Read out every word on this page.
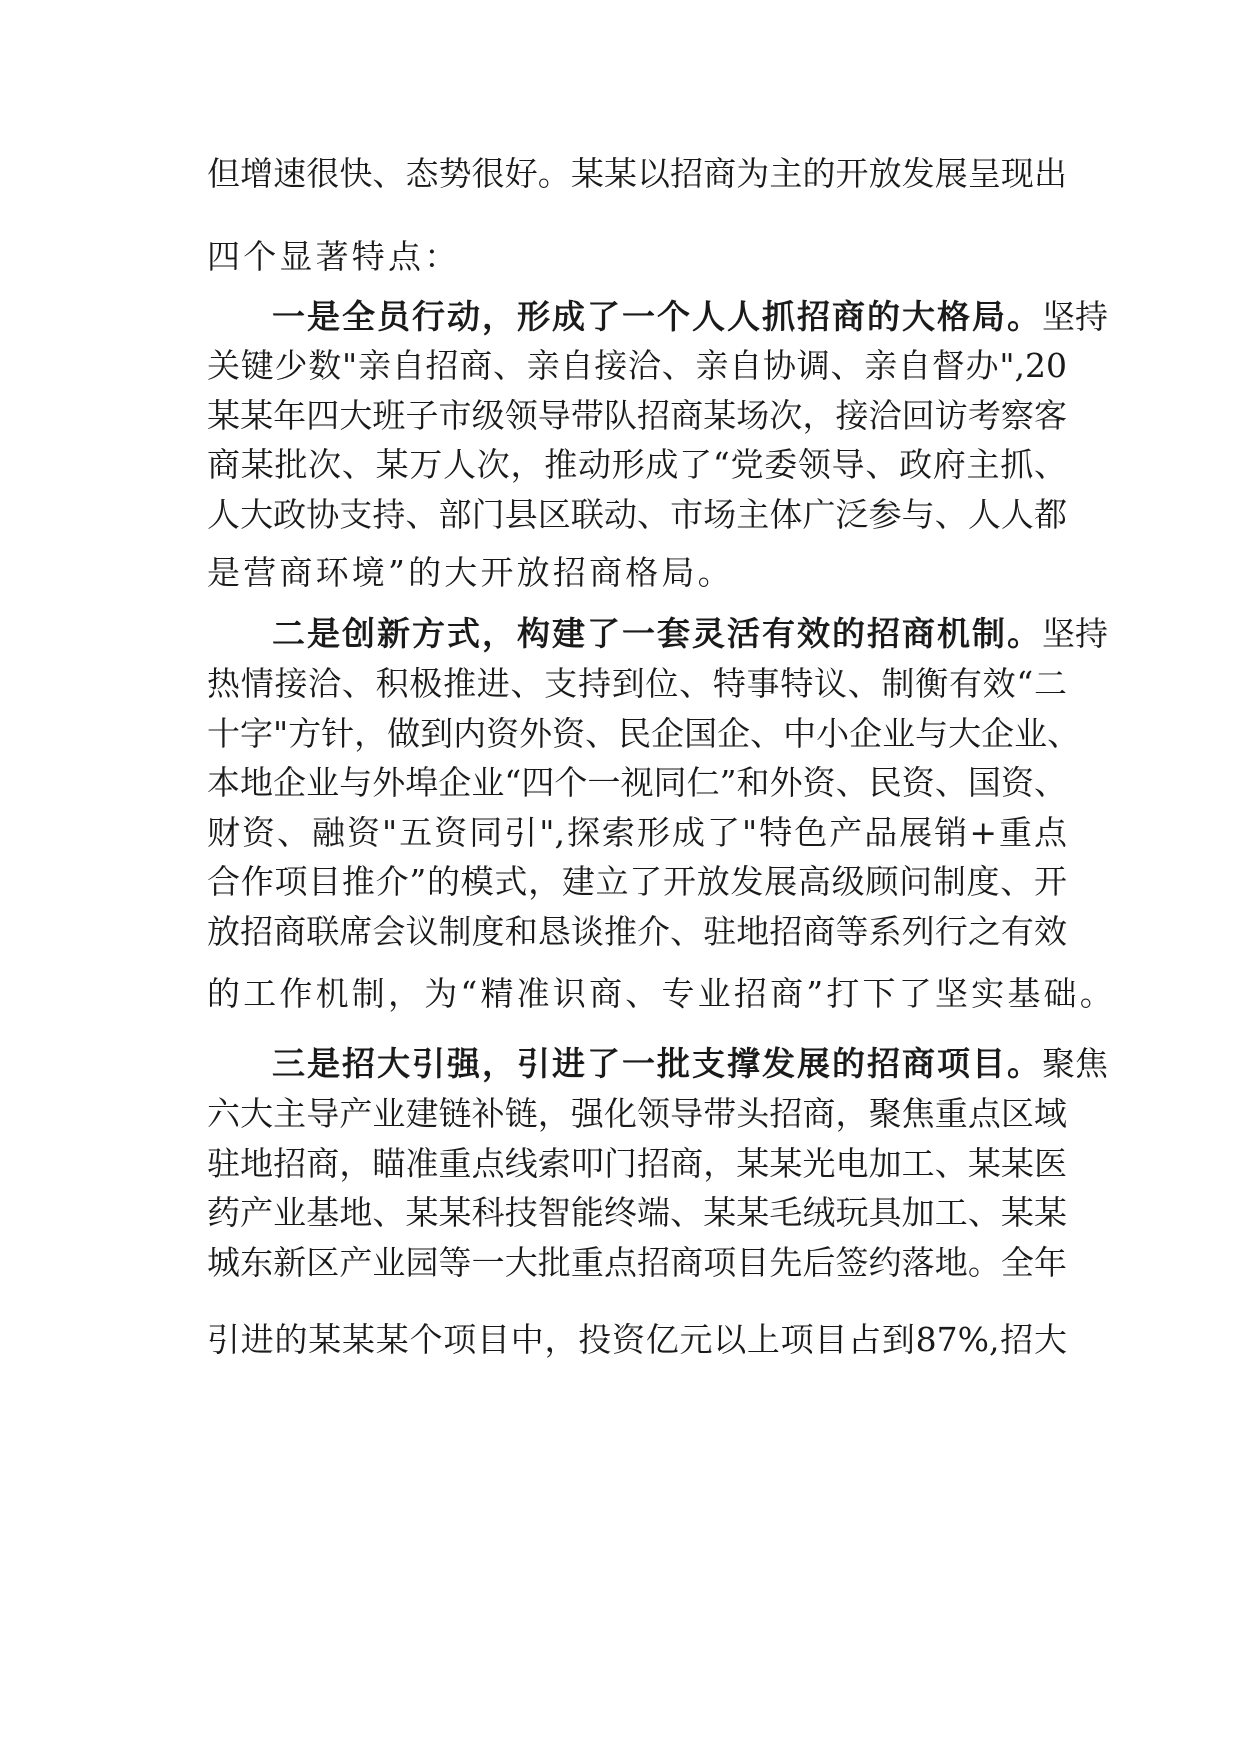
但增速很快、态势很好。某某以招商为主的开放发展呈现出
四个显著特点：
一是全员行动，形成了一个人人抓招商的大格局。坚持
关键少数"亲自招商、亲自接洽、亲自协调、亲自督办",20
某某年四大班子市级领导带队招商某场次，接洽回访考察客
商某批次、某万人次，推动形成了“党委领导、政府主抓、
人大政协支持、部门县区联动、市场主体广泛参与、人人都
是营商环境”的大开放招商格局。
二是创新方式，构建了一套灵活有效的招商机制。坚持
热情接洽、积极推进、支持到位、特事特议、制衡有效“二
十字"方针，做到内资外资、民企国企、中小企业与大企业、
本地企业与外埠企业“四个一视同仁”和外资、民资、国资、
财资、融资"五资同引",探索形成了"特色产品展销+重点
合作项目推介”的模式，建立了开放发展高级顾问制度、开
放招商联席会议制度和恳谈推介、驻地招商等系列行之有效
的工作机制，为“精准识商、专业招商”打下了坚实基础。
三是招大引强，引进了一批支撑发展的招商项目。聚焦
六大主导产业建链补链，强化领导带头招商，聚焦重点区域
驻地招商，瞄准重点线索叩门招商，某某光电加工、某某医
药产业基地、某某科技智能终端、某某毛绒玩具加工、某某
城东新区产业园等一大批重点招商项目先后签约落地。全年
引进的某某某个项目中，投资亿元以上项目占到87%,招大
